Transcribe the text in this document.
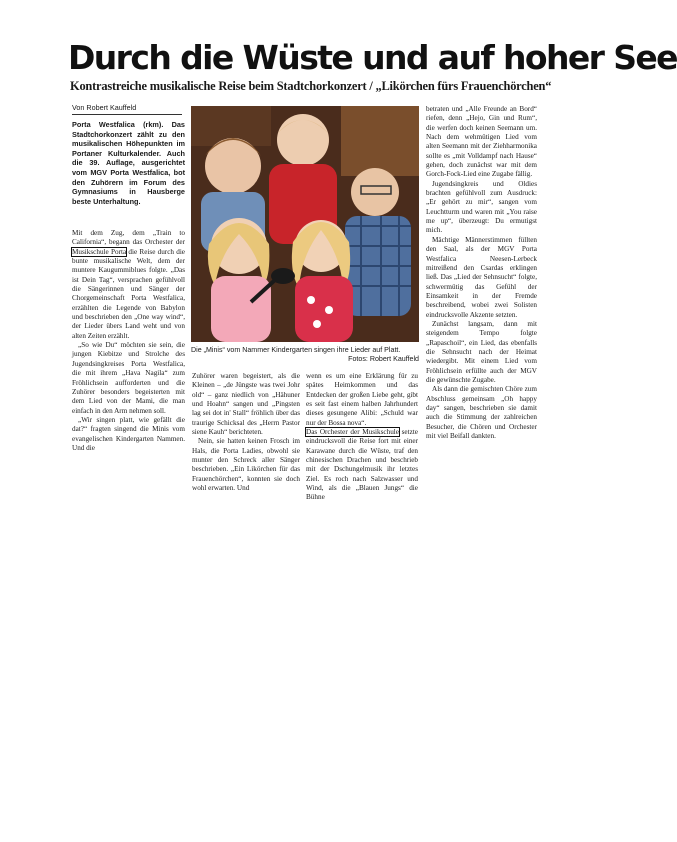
Durch die Wüste und auf hoher See
Kontrastreiche musikalische Reise beim Stadtchorkonzert / „Likörchen fürs Frauenchörchen“
Von Robert Kauffeld
Porta Westfalica (rkm). Das Stadtchorkonzert zählt zu den musikalischen Höhepunkten im Portaner Kulturkalender. Auch die 39. Auflage, ausgerichtet vom MGV Porta Westfalica, bot den Zuhörern im Forum des Gymnasiums in Hausberge beste Unterhaltung.

Mit dem Zug, dem „Train to California“, begann das Orchester der Musikschule Porta die Reise durch die bunte musikalische Welt, dem der muntere Kaugummiblues folgte. „Das ist Dein Tag“, versprachen gefühlvoll die Sängerinnen und Sänger der Chorgemeinschaft Porta Westfalica, erzählten die Legende von Babylon und beschrieben den „One way wind“, der Lieder übers Land weht und von alten Zeiten erzählt.

„So wie Du“ möchten sie sein, die jungen Kiebitze und Strolche des Jugendsingkreises Porta Westfalica, die mit ihrem „Hava Nagila“ zum Fröhlichsein aufforderten und die Zuhörer besonders begeisterten mit dem Lied von der Mami, die man einfach in den Arm nehmen soll.

„Wir singen platt, wie gefällt die dat?“ fragten singend die Minis vom evangelischen Kindergarten Nammen. Und die

Die „Minis“ vom Nammer Kindergarten singen ihre Lieder auf Platt.
Fotos: Robert Kauffeld

Zuhörer waren begeistert, als die Kleinen – „de Jüngste was twei Johr old“ – ganz niedlich von „Hähuner und Hoahn“ sangen und „Pingsten lag sei dot in' Stall“ fröhlich über das traurige Schicksal des „Herrn Pastor siene Kauh“ berichteten.

Nein, sie hatten keinen Frosch im Hals, die Porta Ladies, obwohl sie munter den Schreck aller Sänger beschrieben. „Ein Likörchen für das Frauenchörchen“, konnten sie doch wohl erwarten. Und

wenn es um eine Erklärung für zu spätes Heimkommen und das Entdecken der großen Liebe geht, gibt es seit fast einem halben Jahrhundert dieses gesungene Alibi: „Schuld war nur der Bossa nova“.

Das Orchester der Musikschule setzte eindrucksvoll die Reise fort mit einer Karawane durch die Wüste, traf den chinesischen Drachen und beschrieb mit der Dschungelmusik ihr letztes Ziel. Es roch nach Salzwasser und Wind, als die „Blauen Jungs“ die Bühne

betraten und „Alle Freunde an Bord“ riefen, denn „Hejo, Gin und Rum“, die werfen doch keinen Seemann um. Nach dem wehmütigen Lied vom alten Seemann mit der Ziehharmonika sollte es „mit Volldampf nach Hause“ gehen, doch zunächst war mit dem Gorch-Fock-Lied eine Zugabe fällig.

Jugendsingkreis und Oldies brachten gefühlvoll zum Ausdruck: „Er gehört zu mir“, sangen vom Leuchtturm und waren mit „You raise me up“, überzeugt: Du ermutigst mich.

Mächtige Männerstimmen füllten den Saal, als der MGV Porta Westfalica Neesen-Lerbeck mitreißend den Csardas erklingen ließ. Das „Lied der Sehnsucht“ folgte, schwermütig das Gefühl der Einsamkeit in der Fremde beschreibend, wobei zwei Solisten eindrucksvolle Akzente setzten.

Zunächst langsam, dann mit steigendem Tempo folgte „Rapaschoil“, ein Lied, das ebenfalls die Sehnsucht nach der Heimat wiedergibt. Mit einem Lied vom Fröhlichsein erfüllte auch der MGV die gewünschte Zugabe.

Als dann die gemischten Chöre zum Abschluss gemeinsam „Oh happy day“ sangen, beschrieben sie damit auch die Stimmung der zahlreichen Besucher, die Chören und Orchester mit viel Beifall dankten.
